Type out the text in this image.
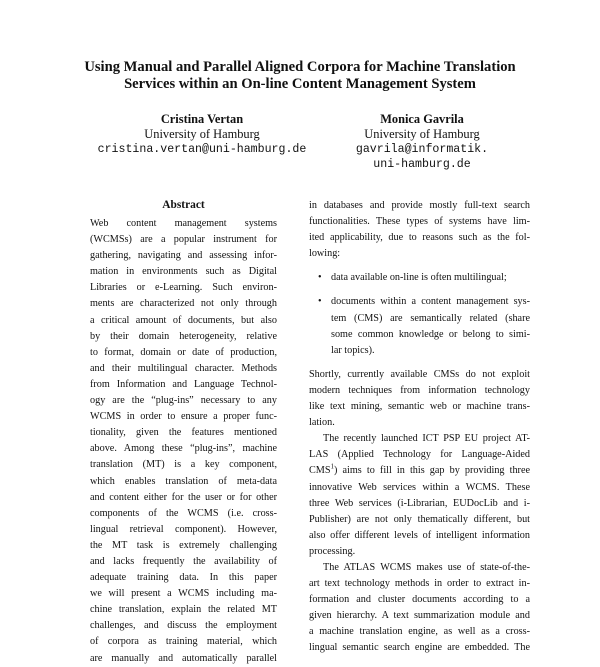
Using Manual and Parallel Aligned Corpora for Machine Translation
Services within an On-line Content Management System
Cristina Vertan
University of Hamburg
cristina.vertan@uni-hamburg.de
Monica Gavrila
University of Hamburg
gavrila@informatik.
uni-hamburg.de
Abstract
Web content management systems
(WCMSs) are a popular instrument for
gathering, navigating and assessing infor-
mation in environments such as Digital
Libraries or e-Learning. Such environ-
ments are characterized not only through
a critical amount of documents, but also
by their domain heterogeneity, relative
to format, domain or date of production,
and their multilingual character. Methods
from Information and Language Technol-
ogy are the “plug-ins” necessary to any
WCMS in order to ensure a proper func-
tionality, given the features mentioned
above. Among these “plug-ins”, machine
translation (MT) is a key component,
which enables translation of meta-data
and content either for the user or for other
components of the WCMS (i.e. cross-
lingual retrieval component). However,
the MT task is extremely challenging
and lacks frequently the availability of
adequate training data. In this paper
we will present a WCMS including ma-
chine translation, explain the related MT
challenges, and discuss the employment
of corpora as training material, which
are manually and automatically parallel
in databases and provide mostly full-text search
functionalities. These types of systems have lim-
ited applicability, due to reasons such as the fol-
lowing:
• data available on-line is often multilingual;
• documents within a content management sys-
tem (CMS) are semantically related (share
some common knowledge or belong to simi-
lar topics).
Shortly, currently available CMSs do not exploit
modern techniques from information technology
like text mining, semantic web or machine trans-
lation.
The recently launched ICT PSP EU project AT-
LAS (Applied Technology for Language-Aided
CMS$^1$) aims to fill in this gap by providing three
innovative Web services within a WCMS. These
three Web services (i-Librarian, EUDocLib and i-
Publisher) are not only thematically different, but
also offer different levels of intelligent information
processing.
The ATLAS WCMS makes use of state-of-the-
art text technology methods in order to extract in-
formation and cluster documents according to a
given hierarchy. A text summarization module and
a machine translation engine, as well as a cross-
lingual semantic search engine are embedded. The
